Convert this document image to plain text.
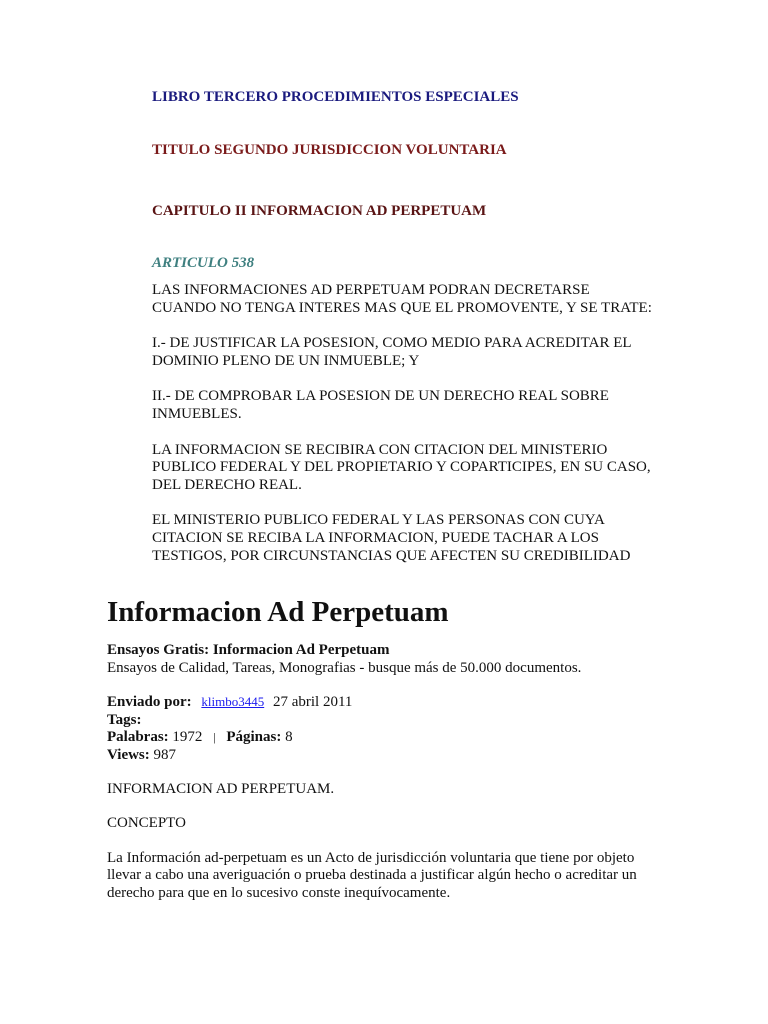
LIBRO TERCERO PROCEDIMIENTOS ESPECIALES

TITULO SEGUNDO JURISDICCION VOLUNTARIA

CAPITULO II INFORMACION AD PERPETUAM

ARTICULO 538

LAS INFORMACIONES AD PERPETUAM PODRAN DECRETARSE
CUANDO NO TENGA INTERES MAS QUE EL PROMOVENTE, Y SE TRATE:

I.- DE JUSTIFICAR LA POSESION, COMO MEDIO PARA ACREDITAR EL
DOMINIO PLENO DE UN INMUEBLE; Y

II.- DE COMPROBAR LA POSESION DE UN DERECHO REAL SOBRE
INMUEBLES.

LA INFORMACION SE RECIBIRA CON CITACION DEL MINISTERIO
PUBLICO FEDERAL Y DEL PROPIETARIO Y COPARTICIPES, EN SU CASO,
DEL DERECHO REAL.

EL MINISTERIO PUBLICO FEDERAL Y LAS PERSONAS CON CUYA
CITACION SE RECIBA LA INFORMACION, PUEDE TACHAR A LOS
TESTIGOS, POR CIRCUNSTANCIAS QUE AFECTEN SU CREDIBILIDAD

Informacion Ad Perpetuam

Ensayos Gratis: Informacion Ad Perpetuam

Ensayos de Calidad, Tareas, Monografias - busque más de 50.000 documentos.

Enviado por: klimbo3445 27 abril 2011
Tags:
Palabras: 1972 | Páginas: 8
Views: 987

INFORMACION AD PERPETUAM.

CONCEPTO

La Información ad-perpetuam es un Acto de jurisdicción voluntaria que tiene por objeto
llevar a cabo una averiguación o prueba destinada a justificar algún hecho o acreditar un
derecho para que en lo sucesivo conste inequívocamente.
